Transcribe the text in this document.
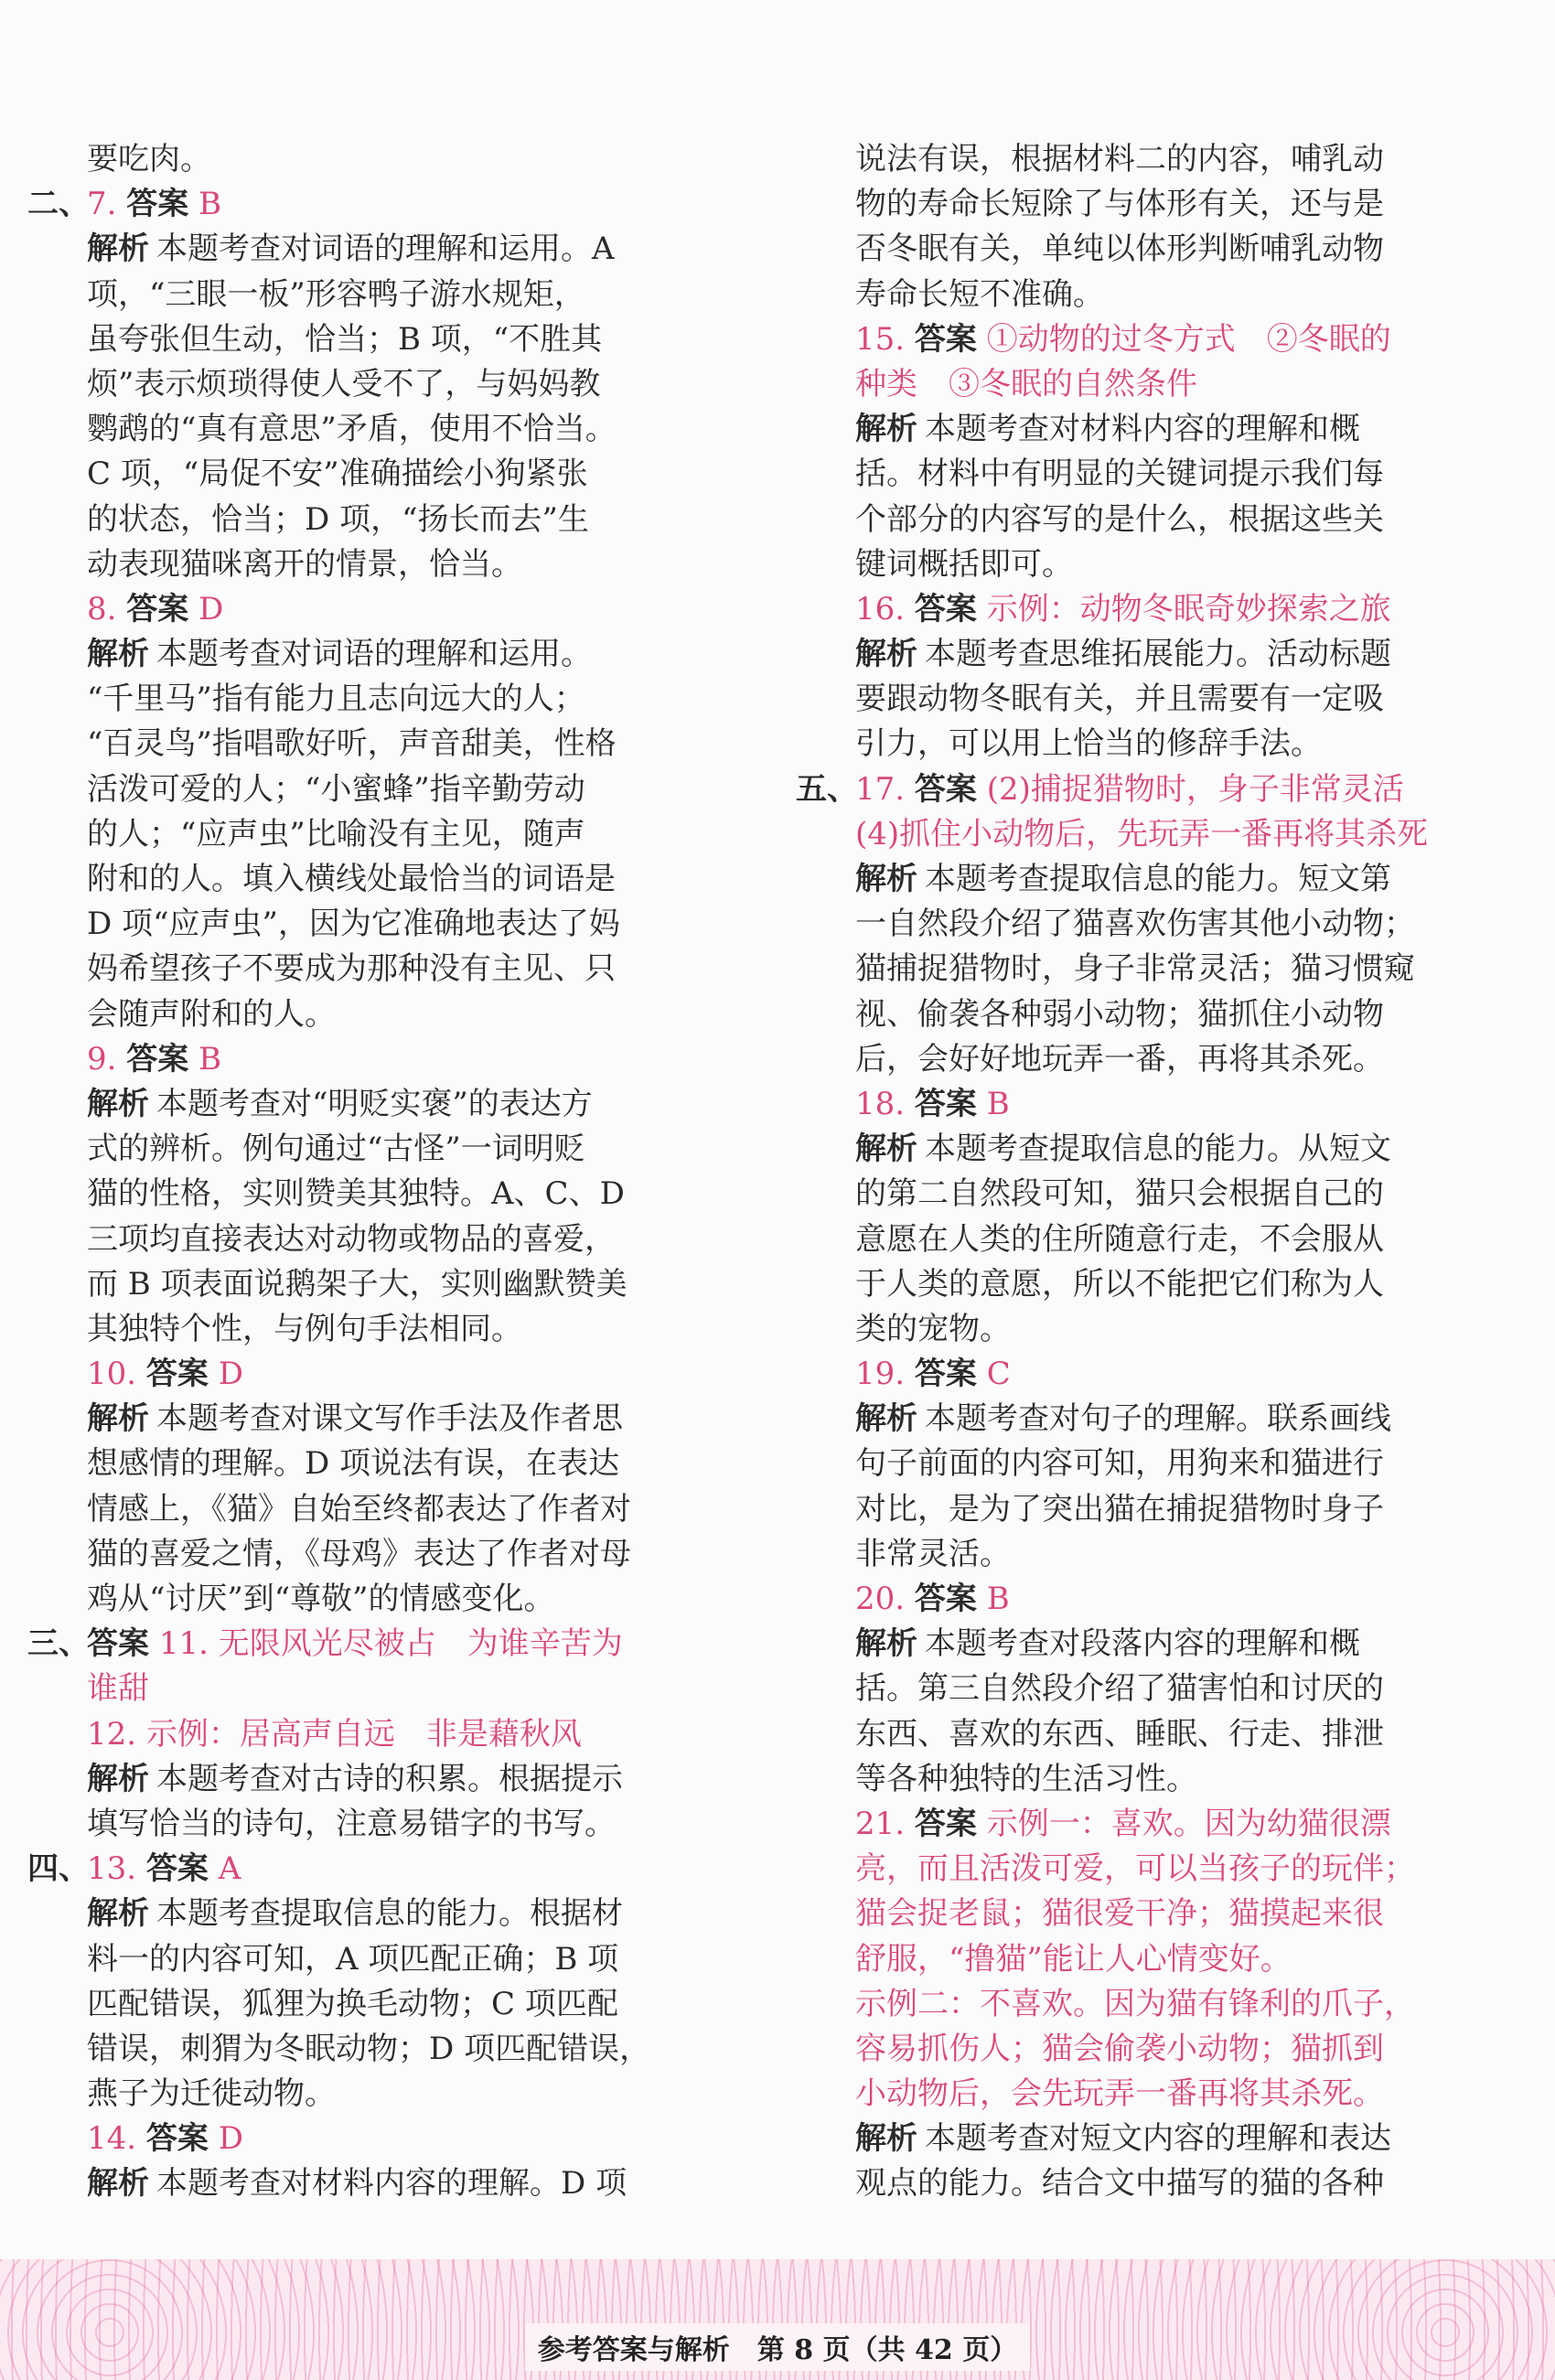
要吃肉。
二、
7. 答案 B
解析 本题考查对词语的理解和运用。A
项，“三眼一板”形容鸭子游水规矩，
虽夸张但生动，恰当；B 项，“不胜其
烦”表示烦琐得使人受不了，与妈妈教
鹦鹉的“真有意思”矛盾，使用不恰当。
C 项，“局促不安”准确描绘小狗紧张
的状态，恰当；D 项，“扬长而去”生
动表现猫咪离开的情景，恰当。
8. 答案 D
解析 本题考查对词语的理解和运用。
“千里马”指有能力且志向远大的人；
“百灵鸟”指唱歌好听，声音甜美，性格
活泼可爱的人；“小蜜蜂”指辛勤劳动
的人；“应声虫”比喻没有主见，随声
附和的人。填入横线处最恰当的词语是
D 项“应声虫”，因为它准确地表达了妈
妈希望孩子不要成为那种没有主见、只
会随声附和的人。
9. 答案 B
解析 本题考查对“明贬实褒”的表达方
式的辨析。例句通过“古怪”一词明贬
猫的性格，实则赞美其独特。A、C、D
三项均直接表达对动物或物品的喜爱，
而 B 项表面说鹅架子大，实则幽默赞美
其独特个性，与例句手法相同。
10. 答案 D
解析 本题考查对课文写作手法及作者思
想感情的理解。D 项说法有误，在表达
情感上，《猫》自始至终都表达了作者对
猫的喜爱之情，《母鸡》表达了作者对母
鸡从“讨厌”到“尊敬”的情感变化。
三、
答案 11. 无限风光尽被占　为谁辛苦为
谁甜
12. 示例：居高声自远　非是藉秋风
解析 本题考查对古诗的积累。根据提示
填写恰当的诗句，注意易错字的书写。
四、
13. 答案 A
解析 本题考查提取信息的能力。根据材
料一的内容可知，A 项匹配正确；B 项
匹配错误，狐狸为换毛动物；C 项匹配
错误，刺猬为冬眠动物；D 项匹配错误，
燕子为迁徙动物。
14. 答案 D
解析 本题考查对材料内容的理解。D 项
说法有误，根据材料二的内容，哺乳动
物的寿命长短除了与体形有关，还与是
否冬眠有关，单纯以体形判断哺乳动物
寿命长短不准确。
15. 答案 ①动物的过冬方式　②冬眠的
种类　③冬眠的自然条件
解析 本题考查对材料内容的理解和概
括。材料中有明显的关键词提示我们每
个部分的内容写的是什么，根据这些关
键词概括即可。
16. 答案 示例：动物冬眠奇妙探索之旅
解析 本题考查思维拓展能力。活动标题
要跟动物冬眠有关，并且需要有一定吸
引力，可以用上恰当的修辞手法。
五、
17. 答案 (2)捕捉猎物时，身子非常灵活
(4)抓住小动物后，先玩弄一番再将其杀死
解析 本题考查提取信息的能力。短文第
一自然段介绍了猫喜欢伤害其他小动物；
猫捕捉猎物时，身子非常灵活；猫习惯窥
视、偷袭各种弱小动物；猫抓住小动物
后，会好好地玩弄一番，再将其杀死。
18. 答案 B
解析 本题考查提取信息的能力。从短文
的第二自然段可知，猫只会根据自己的
意愿在人类的住所随意行走，不会服从
于人类的意愿，所以不能把它们称为人
类的宠物。
19. 答案 C
解析 本题考查对句子的理解。联系画线
句子前面的内容可知，用狗来和猫进行
对比，是为了突出猫在捕捉猎物时身子
非常灵活。
20. 答案 B
解析 本题考查对段落内容的理解和概
括。第三自然段介绍了猫害怕和讨厌的
东西、喜欢的东西、睡眠、行走、排泄
等各种独特的生活习性。
21. 答案 示例一：喜欢。因为幼猫很漂
亮，而且活泼可爱，可以当孩子的玩伴；
猫会捉老鼠；猫很爱干净；猫摸起来很
舒服，“撸猫”能让人心情变好。
示例二：不喜欢。因为猫有锋利的爪子，
容易抓伤人；猫会偷袭小动物；猫抓到
小动物后，会先玩弄一番再将其杀死。
解析 本题考查对短文内容的理解和表达
观点的能力。结合文中描写的猫的各种
参考答案与解析　第 8 页（共 42 页）
